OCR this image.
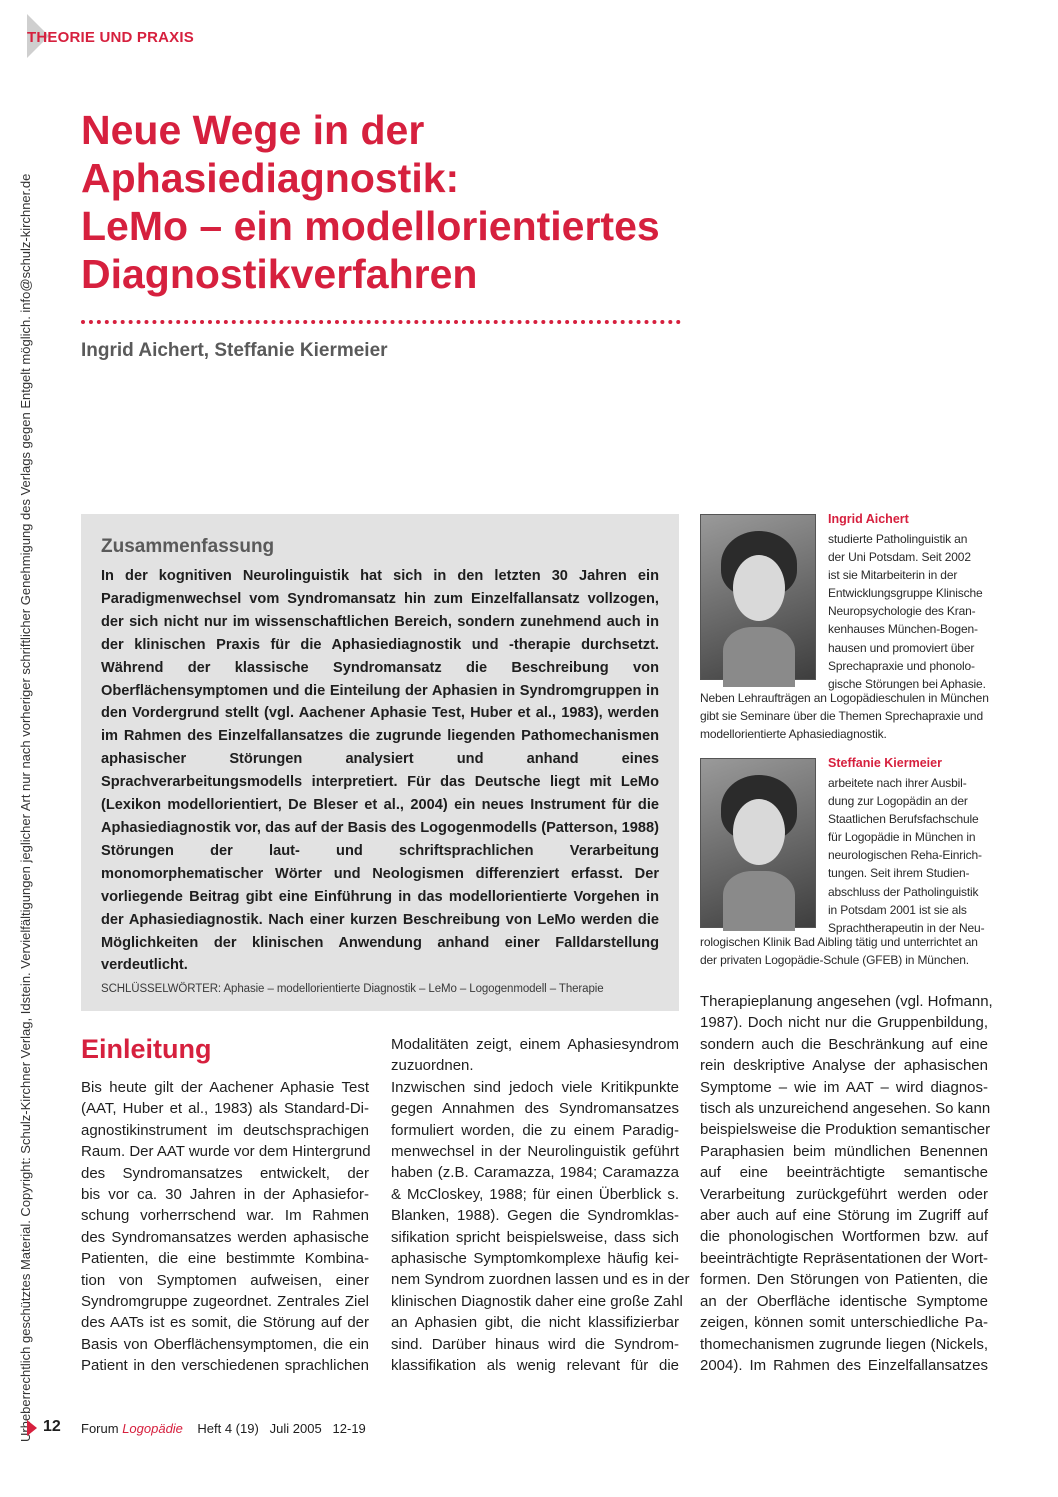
THEORIE UND PRAXIS
Urheberrechtlich geschütztes Material. Copyright: Schulz-Kirchner Verlag, Idstein. Vervielfältigungen jeglicher Art nur nach vorheriger schriftlicher Genehmigung des Verlags gegen Entgelt möglich. info@schulz-kirchner.de
Neue Wege in der
Aphasiediagnostik:
LeMo – ein modellorientiertes
Diagnostikverfahren
Ingrid Aichert, Steffanie Kiermeier
Zusammenfassung

In der kognitiven Neurolinguistik hat sich in den letzten 30 Jahren ein Paradigmenwechsel vom Syndromansatz hin zum Einzelfallansatz vollzogen, der sich nicht nur im wissenschaftlichen Bereich, sondern zunehmend auch in der klinischen Praxis für die Aphasiediagnostik und -therapie durchsetzt. Während der klassische Syndromansatz die Beschreibung von Oberflächensymptomen und die Einteilung der Aphasien in Syndromgruppen in den Vordergrund stellt (vgl. Aachener Aphasie Test, Huber et al., 1983), werden im Rahmen des Einzelfallansatzes die zugrunde liegenden Pathomechanismen aphasischer Störungen analysiert und anhand eines Sprachverarbeitungsmodells interpretiert. Für das Deutsche liegt mit LeMo (Lexikon modellorientiert, De Bleser et al., 2004) ein neues Instrument für die Aphasiediagnostik vor, das auf der Basis des Logogenmodells (Patterson, 1988) Störungen der laut- und schriftsprachlichen Verarbeitung monomorphematischer Wörter und Neologismen differenziert erfasst. Der vorliegende Beitrag gibt eine Einführung in das modellorientierte Vorgehen in der Aphasiediagnostik. Nach einer kurzen Beschreibung von LeMo werden die Möglichkeiten der klinischen Anwendung anhand einer Falldarstellung verdeutlicht.

SCHLÜSSELWÖRTER: Aphasie – modellorientierte Diagnostik – LeMo – Logogenmodell – Therapie

Ingrid Aichert
studierte Patholinguistik an
der Uni Potsdam. Seit 2002
ist sie Mitarbeiterin in der
Entwicklungsgruppe Klinische
Neuropsychologie des Kran-
kenhauses München-Bogen-
hausen und promoviert über
Sprechapraxie und phonolo-
gische Störungen bei Aphasie.
Neben Lehraufträgen an Logopädieschulen in München
gibt sie Seminare über die Themen Sprechapraxie und
modellorientierte Aphasiediagnostik.
Steffanie Kiermeier
arbeitete nach ihrer Ausbil-
dung zur Logopädin an der
Staatlichen Berufsfachschule
für Logopädie in München in
neurologischen Reha-Einrich-
tungen. Seit ihrem Studien-
abschluss der Patholinguistik
in Potsdam 2001 ist sie als
Sprachtherapeutin in der Neu-
rologischen Klinik Bad Aibling tätig und unterrichtet an
der privaten Logopädie-Schule (GFEB) in München.
Einleitung
Bis heute gilt der Aachener Aphasie Test
(AAT, Huber et al., 1983) als Standard-Di-
agnostikinstrument im deutschsprachigen
Raum. Der AAT wurde vor dem Hintergrund
des Syndromansatzes entwickelt, der
bis vor ca. 30 Jahren in der Aphasiefor-
schung vorherrschend war. Im Rahmen
des Syndromansatzes werden aphasische
Patienten, die eine bestimmte Kombina-
tion von Symptomen aufweisen, einer
Syndromgruppe zugeordnet. Zentrales Ziel
des AATs ist es somit, die Störung auf der
Basis von Oberflächensymptomen, die ein
Patient in den verschiedenen sprachlichen
Modalitäten zeigt, einem Aphasiesyndrom
zuzuordnen.
Inzwischen sind jedoch viele Kritikpunkte
gegen Annahmen des Syndromansatzes
formuliert worden, die zu einem Paradig-
menwechsel in der Neurolinguistik geführt
haben (z.B. Caramazza, 1984; Caramazza
& McCloskey, 1988; für einen Überblick s.
Blanken, 1988). Gegen die Syndromklas-
sifikation spricht beispielsweise, dass sich
aphasische Symptomkomplexe häufig kei-
nem Syndrom zuordnen lassen und es in der
klinischen Diagnostik daher eine große Zahl
an Aphasien gibt, die nicht klassifizierbar
sind. Darüber hinaus wird die Syndrom-
klassifikation als wenig relevant für die
Therapieplanung angesehen (vgl. Hofmann,
1987). Doch nicht nur die Gruppenbildung,
sondern auch die Beschränkung auf eine
rein deskriptive Analyse der aphasischen
Symptome – wie im AAT – wird diagnos-
tisch als unzureichend angesehen. So kann
beispielsweise die Produktion semantischer
Paraphasien beim mündlichen Benennen
auf eine beeinträchtigte semantische
Verarbeitung zurückgeführt werden oder
aber auch auf eine Störung im Zugriff auf
die phonologischen Wortformen bzw. auf
beeinträchtigte Repräsentationen der Wort-
formen. Den Störungen von Patienten, die
an der Oberfläche identische Symptome
zeigen, können somit unterschiedliche Pa-
thomechanismen zugrunde liegen (Nickels,
2004). Im Rahmen des Einzelfallansatzes
12 Forum Logopädie Heft 4 (19) Juli 2005 12-19
